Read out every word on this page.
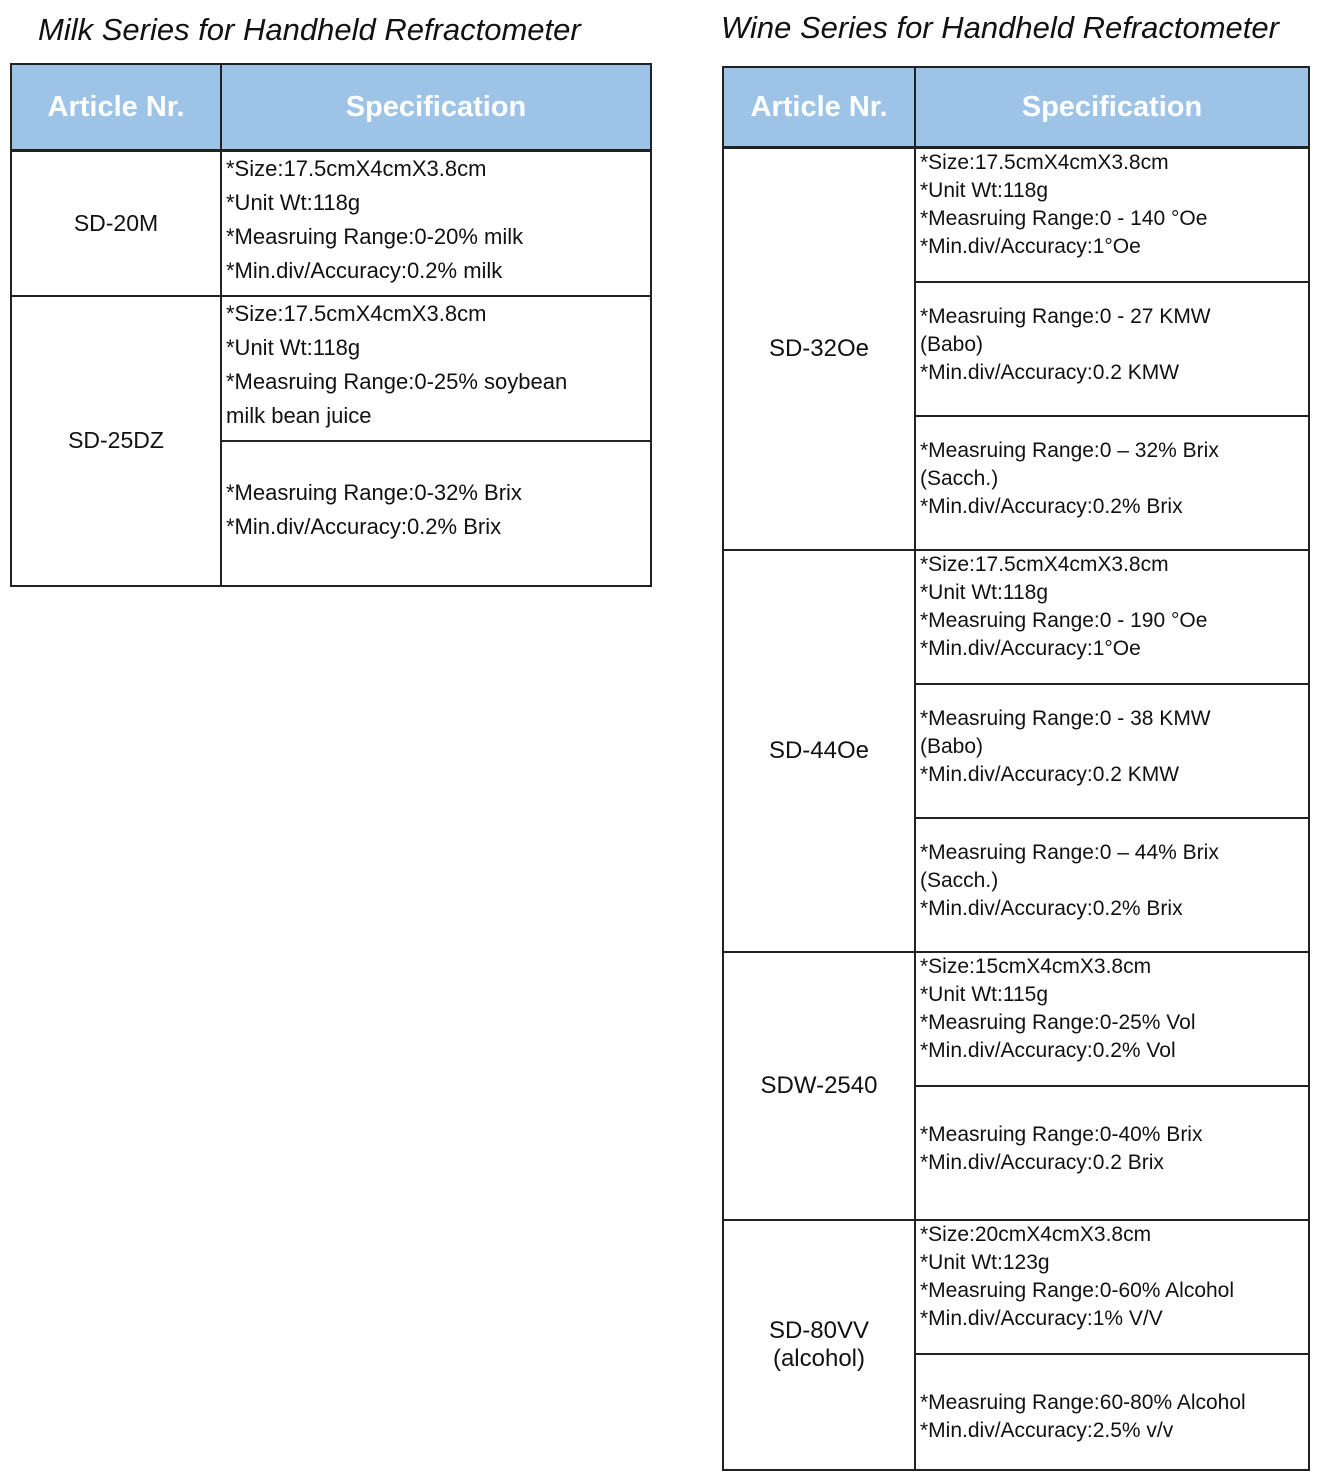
Milk Series for Handheld Refractometer	Wine Series for Handheld Refractometer
Article Nr.	Specification
SD-20M	*Size:17.5cmX4cmX3.8cm
*Unit Wt:118g
*Measruing Range:0-20% milk
*Min.div/Accuracy:0.2% milk

SD-25DZ	*Size:17.5cmX4cmX3.8cm
*Unit Wt:118g
*Measruing Range:0-25% soybean
milk bean juice

	*Measruing Range:0-32% Brix
*Min.div/Accuracy:0.2% Brix
Article Nr.	Specification
SD-32Oe	*Size:17.5cmX4cmX3.8cm
*Unit Wt:118g
*Measruing Range:0 - 140 °Oe
*Min.div/Accuracy:1°Oe

	*Measruing Range:0 - 27 KMW
(Babo)
*Min.div/Accuracy:0.2 KMW

	*Measruing Range:0 – 32% Brix
(Sacch.)
*Min.div/Accuracy:0.2% Brix

SD-44Oe	*Size:17.5cmX4cmX3.8cm
*Unit Wt:118g
*Measruing Range:0 - 190 °Oe
*Min.div/Accuracy:1°Oe

	*Measruing Range:0 - 38 KMW
(Babo)
*Min.div/Accuracy:0.2 KMW

	*Measruing Range:0 – 44% Brix
(Sacch.)
*Min.div/Accuracy:0.2% Brix

SDW-2540	*Size:15cmX4cmX3.8cm
*Unit Wt:115g
*Measruing Range:0-25% Vol
*Min.div/Accuracy:0.2% Vol

	*Measruing Range:0-40% Brix
*Min.div/Accuracy:0.2 Brix

SD-80VV
(alcohol)	*Size:20cmX4cmX3.8cm
*Unit Wt:123g
*Measruing Range:0-60% Alcohol
*Min.div/Accuracy:1% V/V

	*Measruing Range:60-80% Alcohol
*Min.div/Accuracy:2.5% v/v
